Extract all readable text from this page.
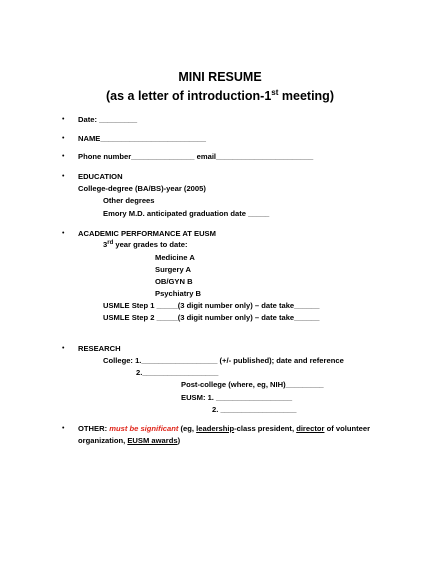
MINI RESUME
(as a letter of introduction-1st meeting)
• Date: _________
• NAME_________________________
• Phone number_______________ email_______________________
• EDUCATION
College-degree (BA/BS)-year (2005)
Other degrees
Emory M.D. anticipated graduation date _____
• ACADEMIC PERFORMANCE AT EUSM
3rd year grades to date:
Medicine A
Surgery A
OB/GYN B
Psychiatry B
USMLE Step 1 _____(3 digit number only) – date take______
USMLE Step 2 _____(3 digit number only) – date take______
• RESEARCH
College: 1.__________________ (+/- published); date and reference
2.__________________
Post-college (where, eg, NIH)_________
EUSM: 1. __________________
2. __________________
• OTHER: must be significant (eg, leadership-class president, director of volunteer
organization, EUSM awards)
